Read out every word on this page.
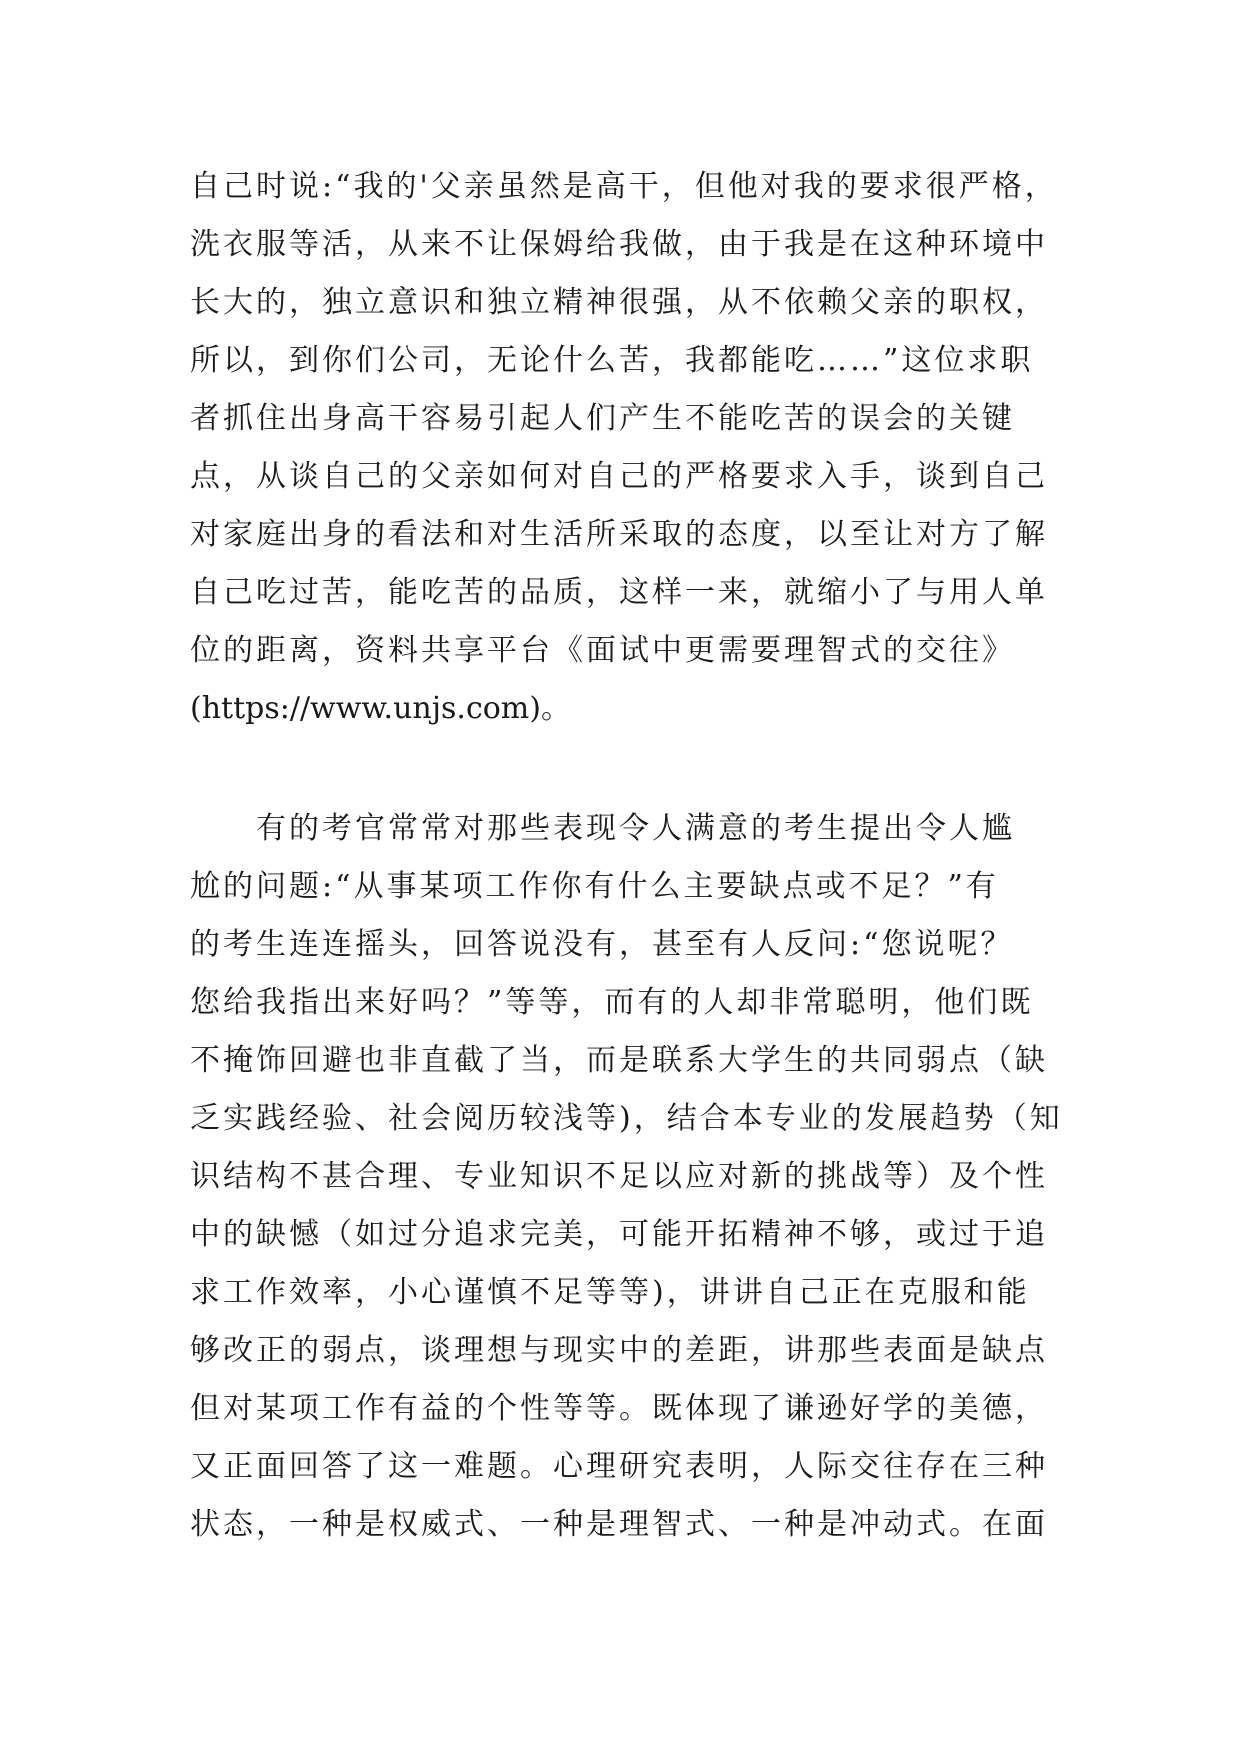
自己时说:“我的'父亲虽然是高干，但他对我的要求很严格，
洗衣服等活，从来不让保姆给我做，由于我是在这种环境中
长大的，独立意识和独立精神很强，从不依赖父亲的职权，
所以，到你们公司，无论什么苦，我都能吃……”这位求职
者抓住出身高干容易引起人们产生不能吃苦的误会的关键
点，从谈自己的父亲如何对自己的严格要求入手，谈到自己
对家庭出身的看法和对生活所采取的态度，以至让对方了解
自己吃过苦，能吃苦的品质，这样一来，就缩小了与用人单
位的距离，资料共享平台《面试中更需要理智式的交往》
(https://www.unjs.com)。
　　有的考官常常对那些表现令人满意的考生提出令人尴
尬的问题:“从事某项工作你有什么主要缺点或不足？”有
的考生连连摇头，回答说没有，甚至有人反问:“您说呢？
您给我指出来好吗？”等等，而有的人却非常聪明，他们既
不掩饰回避也非直截了当，而是联系大学生的共同弱点（缺
乏实践经验、社会阅历较浅等)，结合本专业的发展趋势（知
识结构不甚合理、专业知识不足以应对新的挑战等）及个性
中的缺憾（如过分追求完美，可能开拓精神不够，或过于追
求工作效率，小心谨慎不足等等)，讲讲自己正在克服和能
够改正的弱点，谈理想与现实中的差距，讲那些表面是缺点
但对某项工作有益的个性等等。既体现了谦逊好学的美德，
又正面回答了这一难题。心理研究表明，人际交往存在三种
状态，一种是权威式、一种是理智式、一种是冲动式。在面
